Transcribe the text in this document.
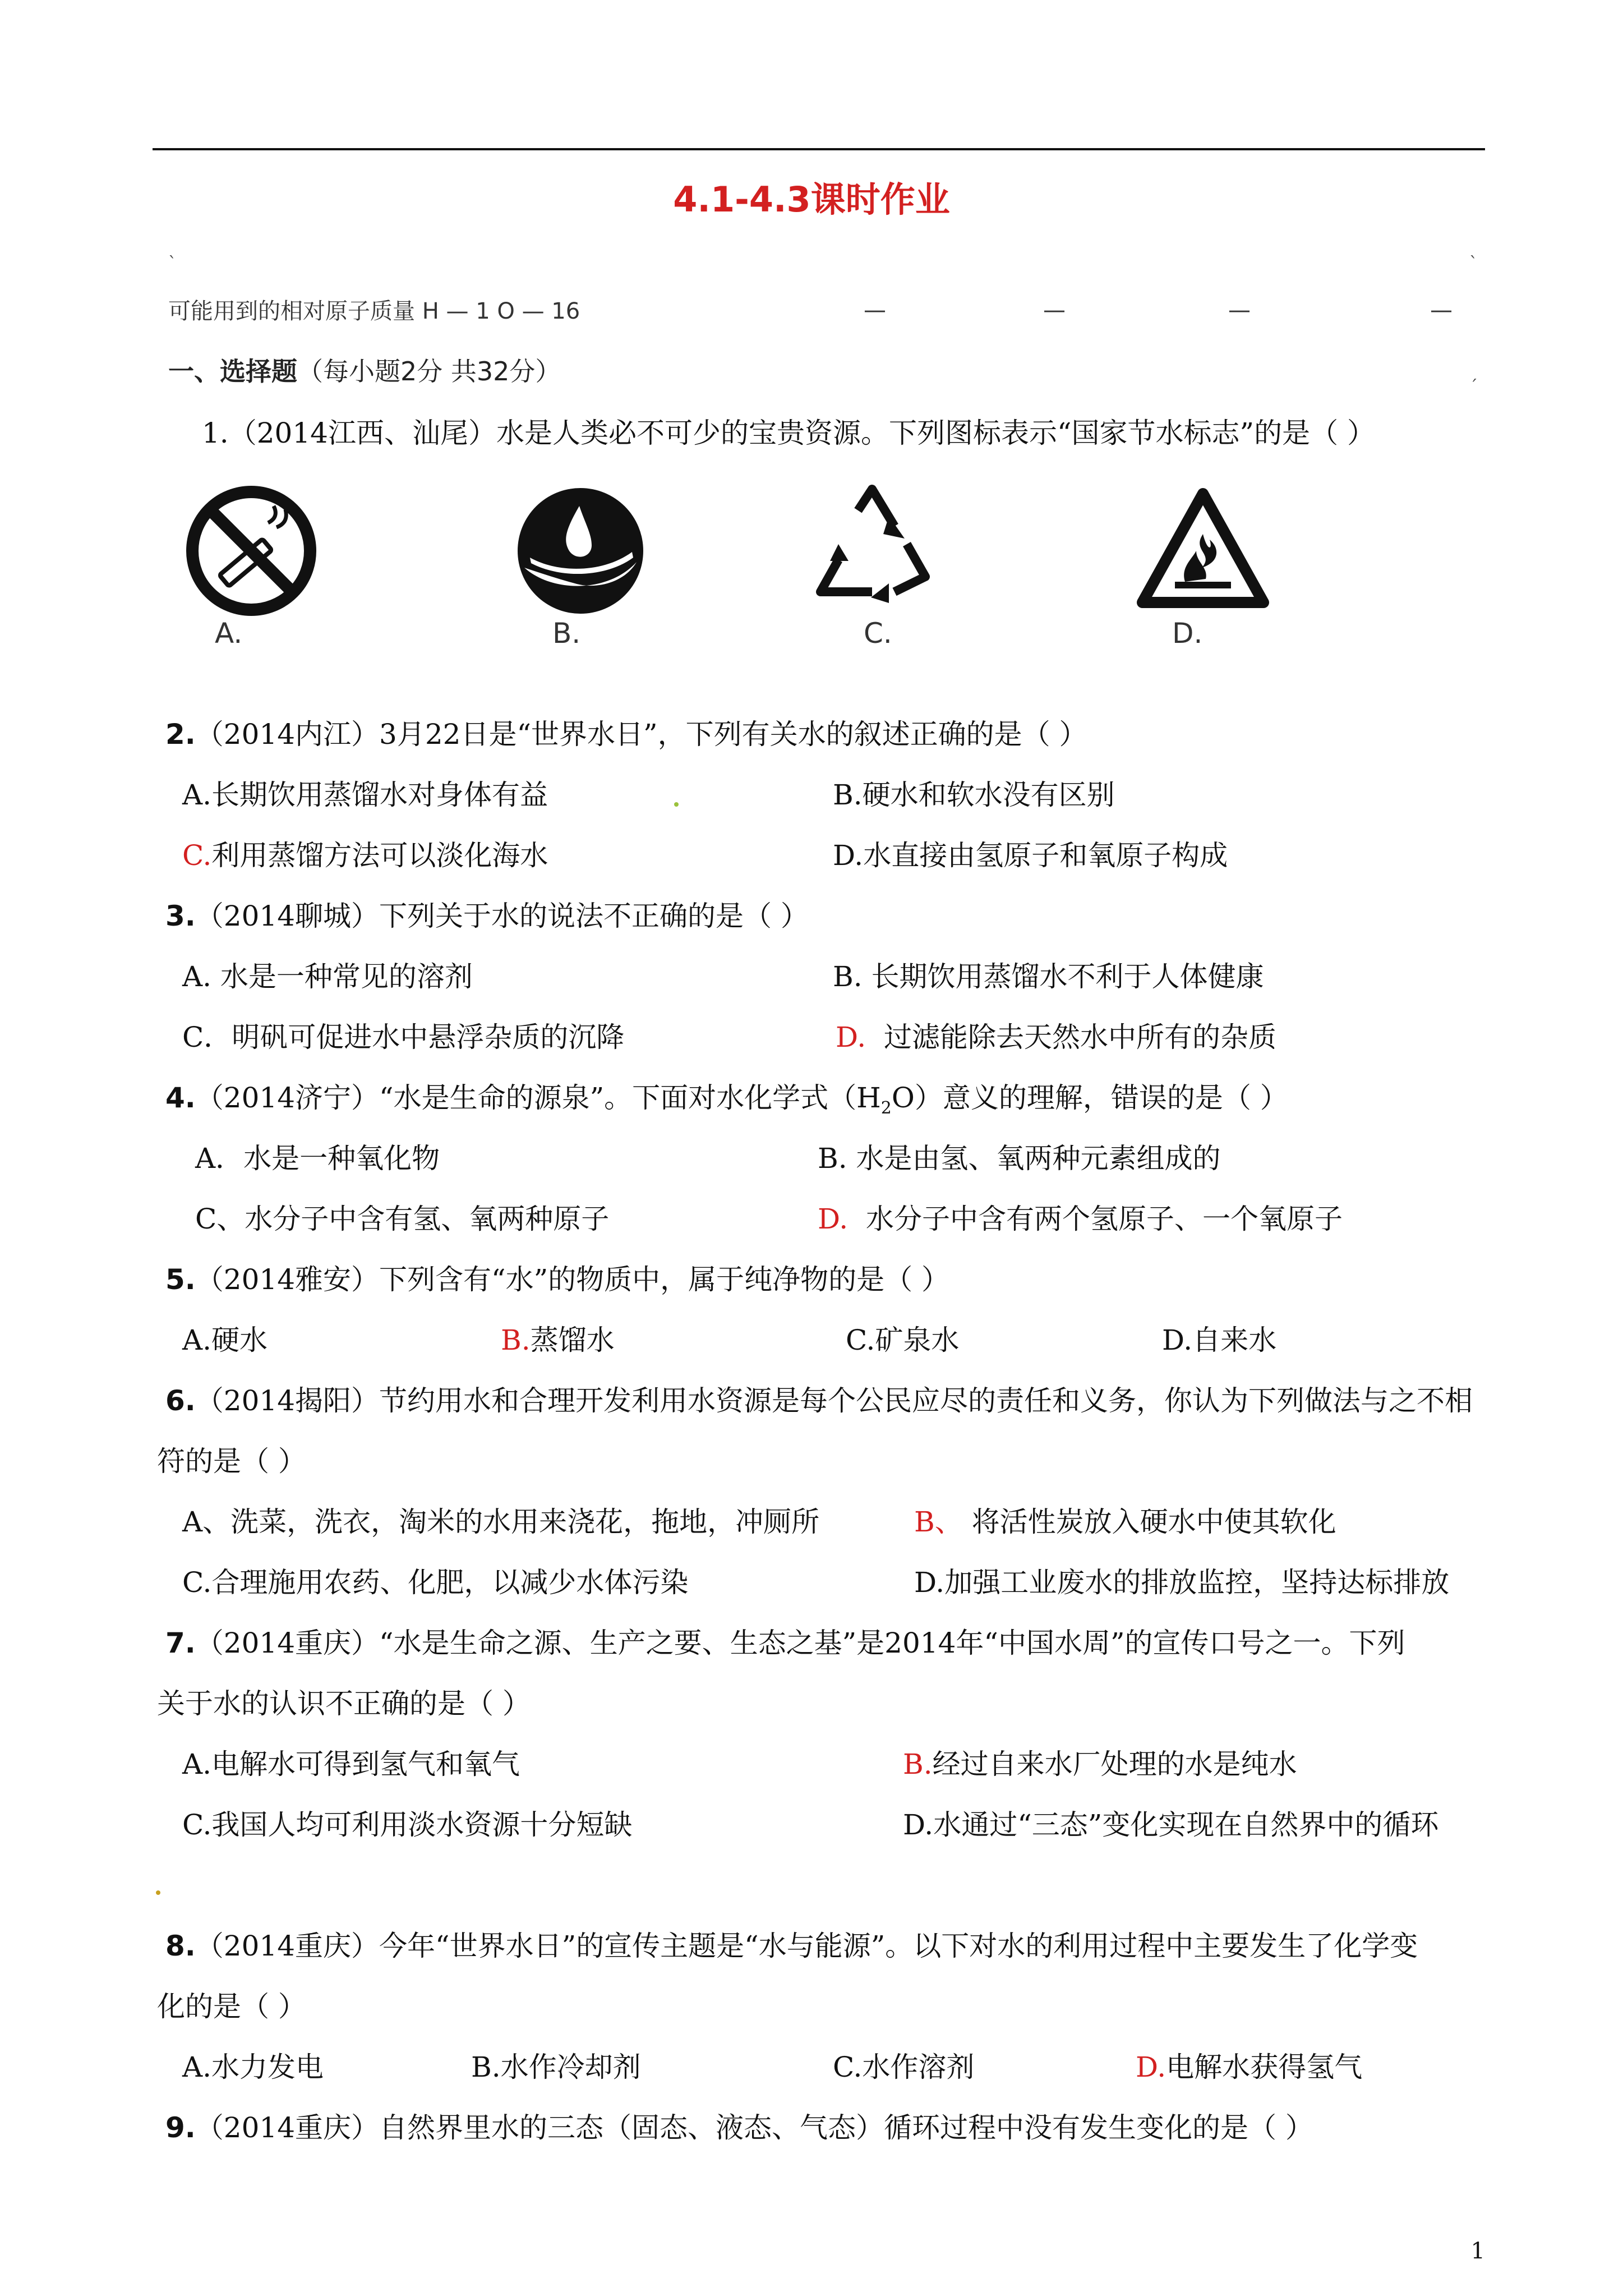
4.1-4.3课时作业
ˋ	ˋ
可能用到的相对原子质量 H — 1 O — 16	—	—	—	—
一、选择题（每小题2分 共32分）
ˊ
1.（2014江西、汕尾）水是人类必不可少的宝贵资源。下列图标表示“国家节水标志”的是（ ）
A.	B.	C.	D.
2.（2014内江）3月22日是“世界水日”，下列有关水的叙述正确的是（ ）
A.长期饮用蒸馏水对身体有益	B.硬水和软水没有区别
C.利用蒸馏方法可以淡化海水	D.水直接由氢原子和氧原子构成
3.（2014聊城）下列关于水的说法不正确的是（ ）
A. 水是一种常见的溶剂	B. 长期饮用蒸馏水不利于人体健康
C．明矾可促进水中悬浮杂质的沉降	D. 过滤能除去天然水中所有的杂质
4.（2014济宁）“水是生命的源泉”。下面对水化学式$(H_2O)$意义的理解，错误的是（ ）
A．水是一种氧化物	B. 水是由氢、氧两种元素组成的
C、水分子中含有氢、氧两种原子	D. 水分子中含有两个氢原子、一个氧原子
5.（2014雅安）下列含有“水”的物质中，属于纯净物的是（ ）
A.硬水	B.蒸馏水	C.矿泉水	D.自来水
6.（2014揭阳）节约用水和合理开发利用水资源是每个公民应尽的责任和义务，你认为下列做法与之不相
符的是（ ）
A、洗菜，洗衣，淘米的水用来浇花，拖地，冲厕所	B、 将活性炭放入硬水中使其软化
C.合理施用农药、化肥，以减少水体污染	D.加强工业废水的排放监控，坚持达标排放
7.（2014重庆）“水是生命之源、生产之要、生态之基”是2014年“中国水周”的宣传口号之一。下列
关于水的认识不正确的是（ ）
A.电解水可得到氢气和氧气	B.经过自来水厂处理的水是纯水
C.我国人均可利用淡水资源十分短缺	D.水通过“三态”变化实现在自然界中的循环
8.（2014重庆）今年“世界水日”的宣传主题是“水与能源”。以下对水的利用过程中主要发生了化学变
化的是（ ）
A.水力发电	B.水作冷却剂	C.水作溶剂	D.电解水获得氢气
9.（2014重庆）自然界里水的三态（固态、液态、气态）循环过程中没有发生变化的是（ ）
1
